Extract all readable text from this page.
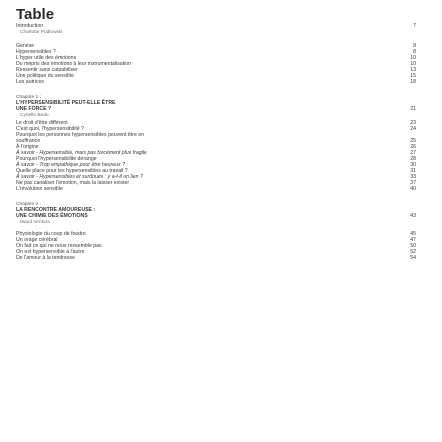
Table
Introduction	7
Charlotte Pudlowski
Genèse	8
Hypersensibles ?	8
L'hyper utile des émotions	10
Du mépris des émotions à leur instrumentalisation	10
Ressentir sans culpabiliser	13
Une politique du sensible	15
Les autrices	18
Chapitre 1 :
L'HYPERSENSIBILITÉ PEUT-ELLE ÊTRE
UNE FORCE ?	21
Cyrielle Bedu
Le droit d'être différent	23
C'est quoi, l'hypersensibilité ?	24
Pourquoi les personnes hypersensibles peuvent être en
souffrance	25
À l'origine	26
À savoir - Hypersensible, mais pas forcément plus fragile	27
Pourquoi l'hypersensibilité dérange	28
À savoir - Trop empathique pour être heureux ?	30
Quelle place pour les hypersensibles au travail ?	31
À savoir - Hypersensibles et surdoués : y a-t-il un lien ?	33
Ne pas canaliser l'émotion, mais la laisser exister	37
L'révolution sensible	40
Chapitre 2 :
LA RENCONTRE AMOUREUSE :
UNE CHIMIE DES ÉMOTIONS	43
Maud Ventura
Physiologie du coup de foudre	45
Un orage cérébral	47
On fait ce qui ne nous ressemble pas	50
On est hypersensible à l'autre	52
De l'amour à la tendresse	54
